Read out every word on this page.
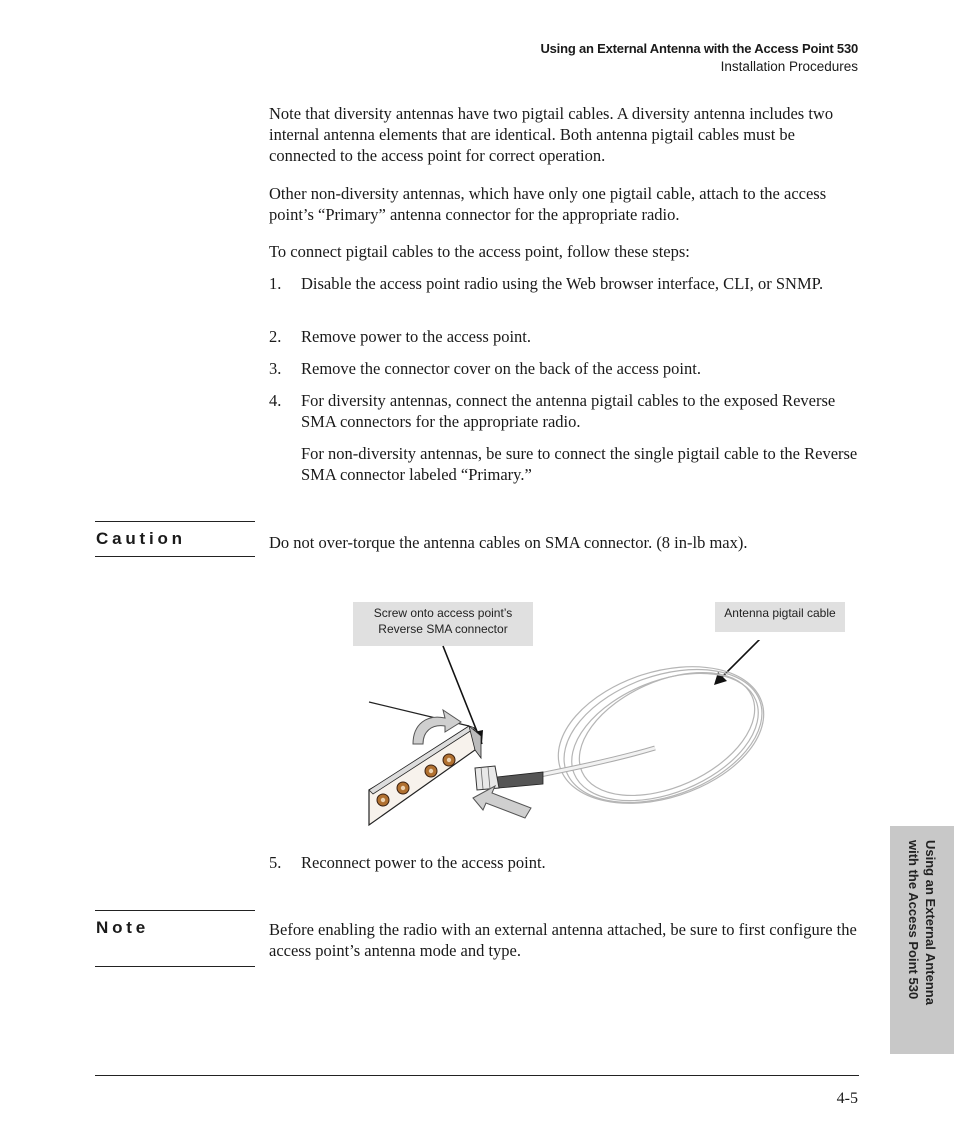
Using an External Antenna with the Access Point 530
Installation Procedures
Note that diversity antennas have two pigtail cables. A diversity antenna includes two internal antenna elements that are identical. Both antenna pigtail cables must be connected to the access point for correct operation.
Other non-diversity antennas, which have only one pigtail cable, attach to the access point’s “Primary” antenna connector for the appropriate radio.
To connect pigtail cables to the access point, follow these steps:
1. Disable the access point radio using the Web browser interface, CLI, or SNMP.
2. Remove power to the access point.
3. Remove the connector cover on the back of the access point.
4. For diversity antennas, connect the antenna pigtail cables to the exposed Reverse SMA connectors for the appropriate radio.
For non-diversity antennas, be sure to connect the single pigtail cable to the Reverse SMA connector labeled “Primary.”
Caution	Do not over-torque the antenna cables on SMA connector. (8 in-lb max).
Screw onto access point’s Reverse SMA connector
Antenna pigtail cable
5. Reconnect power to the access point.
Note	Before enabling the radio with an external antenna attached, be sure to first configure the access point’s antenna mode and type.	Using an External Antenna
with the Access Point 530
4-5
